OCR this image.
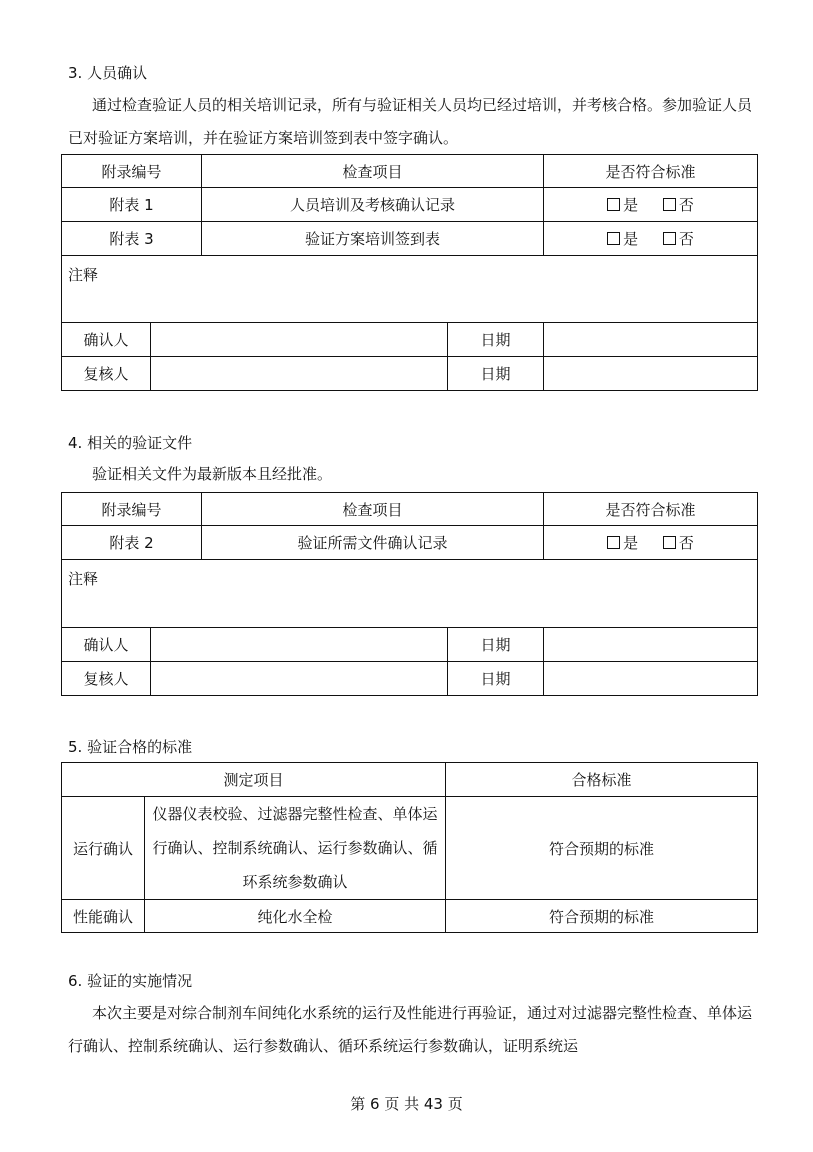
3. 人员确认
通过检查验证人员的相关培训记录，所有与验证相关人员均已经过培训，并考核合格。参加验证人员已对验证方案培训，并在验证方案培训签到表中签字确认。
附录编号		检查项目		是否符合标准
附表 1		人员培训及考核确认记录		是 否
附表 3		验证方案培训签到表		是 否
注释				
确认人			日期	
复核人			日期	
4. 相关的验证文件
验证相关文件为最新版本且经批准。
附录编号		检查项目		是否符合标准
附表 2		验证所需文件确认记录		是 否
注释				
确认人			日期	
复核人			日期	
5. 验证合格的标准
测定项目		合格标准
运行确认	仪器仪表校验、过滤器完整性检查、单体运行确认、控制系统确认、运行参数确认、循环系统参数确认	符合预期的标准
性能确认	纯化水全检	符合预期的标准
6. 验证的实施情况
本次主要是对综合制剂车间纯化水系统的运行及性能进行再验证，通过对过滤器完整性检查、单体运行确认、控制系统确认、运行参数确认、循环系统运行参数确认，证明系统运
第 6 页 共 43 页
